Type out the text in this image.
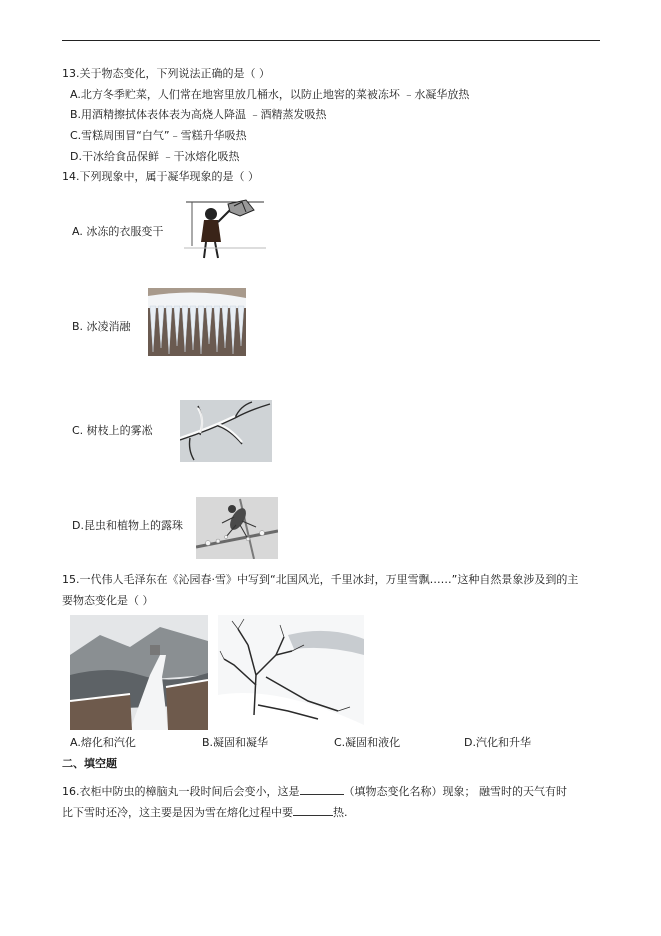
13.关于物态变化，下列说法正确的是（ ）
A.北方冬季贮菜，人们常在地窖里放几桶水，以防止地窖的菜被冻坏 ﹣水凝华放热
B.用酒精擦拭体表体表为高烧人降温 ﹣酒精蒸发吸热
C.雪糕周围冒“白气”﹣雪糕升华吸热
D.干冰给食品保鲜 ﹣干冰熔化吸热
14.下列现象中，属于凝华现象的是（ ）
A. 冰冻的衣服变干
B. 冰凌消融
C. 树枝上的雾凇
D.昆虫和植物上的露珠
15.一代伟人毛泽东在《沁园春·雪》中写到“北国风光，千里冰封，万里雪飘……”这种自然景象涉及到的主
要物态变化是（ ）
A.熔化和汽化	B.凝固和凝华	C.凝固和液化	D.汽化和升华
二、填空题
16.衣柜中防虫的樟脑丸一段时间后会变小，这是	（填物态变化名称）现象； 融雪时的天气有时
比下雪时还冷，这主要是因为雪在熔化过程中要	热.
